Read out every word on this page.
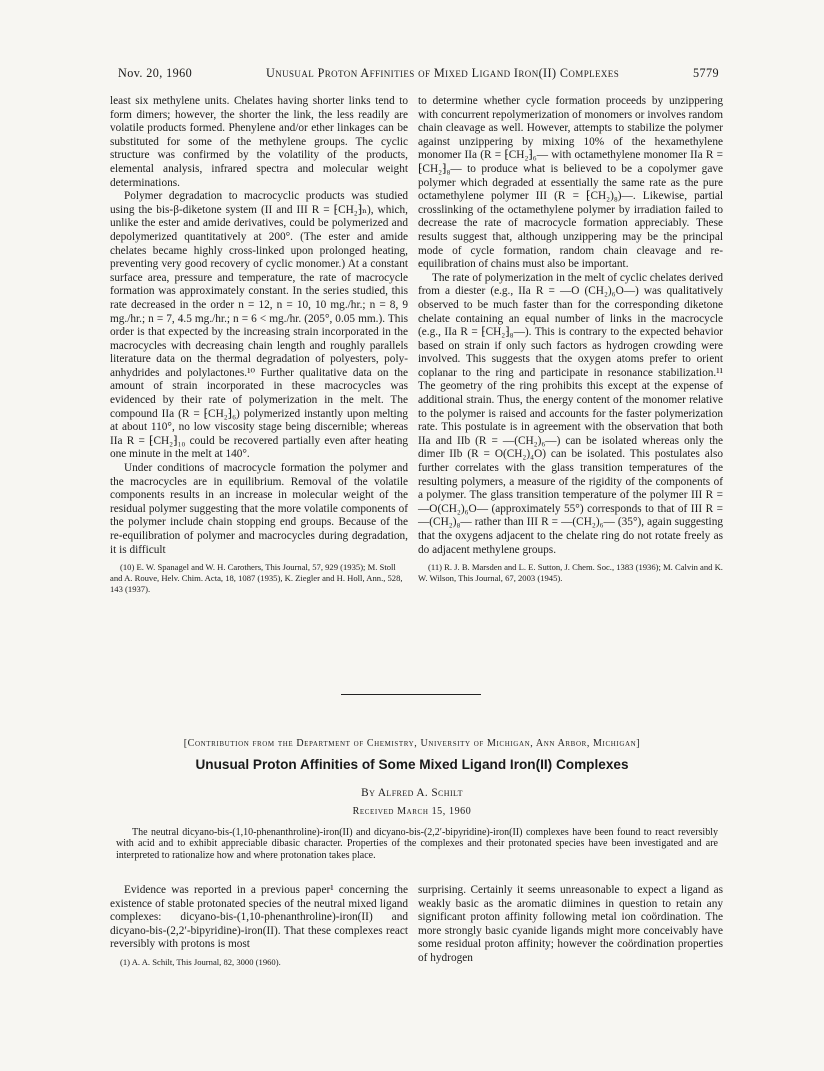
Nov. 20, 1960	Unusual Proton Affinities of Mixed Ligand Iron(II) Complexes	5779

least six methylene units. Chelates having shorter links tend to form dimers; however, the shorter the link, the less readily are volatile products formed. Phenylene and/or ether linkages can be substituted for some of the methylene groups. The cyclic structure was confirmed by the volatility of the products, elemental analysis, infrared spectra and molecular weight determinations.

Polymer degradation to macrocyclic products was studied using the bis-β-diketone system (II and III R = ⁅CH₂⁆ₙ), which, unlike the ester and amide derivatives, could be polymerized and depolymerized quantitatively at 200°. (The ester and amide chelates became highly cross-linked upon prolonged heating, preventing very good recovery of cyclic monomer.) At a constant surface area, pressure and temperature, the rate of macrocycle formation was approximately constant. In the series studied, this rate decreased in the order n = 12, n = 10, 10 mg./hr.; n = 8, 9 mg./hr.; n = 7, 4.5 mg./hr.; n = 6 < mg./hr. (205°, 0.05 mm.). This order is that expected by the increasing strain incorporated in the macrocycles with decreasing chain length and roughly parallels literature data on the thermal degradation of polyesters, poly-anhydrides and polylactones.¹⁰ Further qualitative data on the amount of strain incorporated in these macrocycles was evidenced by their rate of polymerization in the melt. The compound IIa (R = ⁅CH₂⁆₆) polymerized instantly upon melting at about 110°, no low viscosity stage being discernible; whereas IIa R = ⁅CH₂⁆₁₀ could be recovered partially even after heating one minute in the melt at 140°.

Under conditions of macrocycle formation the polymer and the macrocycles are in equilibrium. Removal of the volatile components results in an increase in molecular weight of the residual polymer suggesting that the more volatile components of the polymer include chain stopping end groups. Because of the re-equilibration of polymer and macrocycles during degradation, it is difficult

(10) E. W. Spanagel and W. H. Carothers, This Journal, 57, 929 (1935); M. Stoll and A. Rouve, Helv. Chim. Acta, 18, 1087 (1935), K. Ziegler and H. Holl, Ann., 528, 143 (1937).

to determine whether cycle formation proceeds by unzippering with concurrent repolymerization of monomers or involves random chain cleavage as well. However, attempts to stabilize the polymer against unzippering by mixing 10% of the hexamethylene monomer IIa (R = ⁅CH₂⁆₆— with octamethylene monomer IIa R = ⁅CH₂⁆₈— to produce what is believed to be a copolymer gave polymer which degraded at essentially the same rate as the pure octamethylene polymer III (R = ⁅CH₂)₈)—. Likewise, partial crosslinking of the octamethylene polymer by irradiation failed to decrease the rate of macrocycle formation appreciably. These results suggest that, although unzippering may be the principal mode of cycle formation, random chain cleavage and re-equilibration of chains must also be important.

The rate of polymerization in the melt of cyclic chelates derived from a diester (e.g., IIa R = —O (CH₂)₆O—) was qualitatively observed to be much faster than for the corresponding diketone chelate containing an equal number of links in the macrocycle (e.g., IIa R = ⁅CH₂⁆₈—). This is contrary to the expected behavior based on strain if only such factors as hydrogen crowding were involved. This suggests that the oxygen atoms prefer to orient coplanar to the ring and participate in resonance stabilization.¹¹ The geometry of the ring prohibits this except at the expense of additional strain. Thus, the energy content of the monomer relative to the polymer is raised and accounts for the faster polymerization rate. This postulate is in agreement with the observation that both IIa and IIb (R = —(CH₂)₆—) can be isolated whereas only the dimer IIb (R = O(CH₂)₄O) can be isolated. This postulates also further correlates with the glass transition temperatures of the resulting polymers, a measure of the rigidity of the components of a polymer. The glass transition temperature of the polymer III R = —O(CH₂)₆O— (approximately 55°) corresponds to that of III R = —(CH₂)₈— rather than III R = —(CH₂)₆— (35°), again suggesting that the oxygens adjacent to the chelate ring do not rotate freely as do adjacent methylene groups.

(11) R. J. B. Marsden and L. E. Sutton, J. Chem. Soc., 1383 (1936); M. Calvin and K. W. Wilson, This Journal, 67, 2003 (1945).

[Contribution from the Department of Chemistry, University of Michigan, Ann Arbor, Michigan]
Unusual Proton Affinities of Some Mixed Ligand Iron(II) Complexes
By Alfred A. Schilt
Received March 15, 1960
The neutral dicyano-bis-(1,10-phenanthroline)-iron(II) and dicyano-bis-(2,2′-bipyridine)-iron(II) complexes have been found to react reversibly with acid and to exhibit appreciable dibasic character. Properties of the complexes and their protonated species have been investigated and are interpreted to rationalize how and where protonation takes place.

Evidence was reported in a previous paper¹ concerning the existence of stable protonated species of the neutral mixed ligand complexes: dicyano-bis-(1,10-phenanthroline)-iron(II) and dicyano-bis-(2,2′-bipyridine)-iron(II). That these complexes react reversibly with protons is most

(1) A. A. Schilt, This Journal, 82, 3000 (1960).

surprising. Certainly it seems unreasonable to expect a ligand as weakly basic as the aromatic diimines in question to retain any significant proton affinity following metal ion coördination. The more strongly basic cyanide ligands might more conceivably have some residual proton affinity; however the coördination properties of hydrogen
